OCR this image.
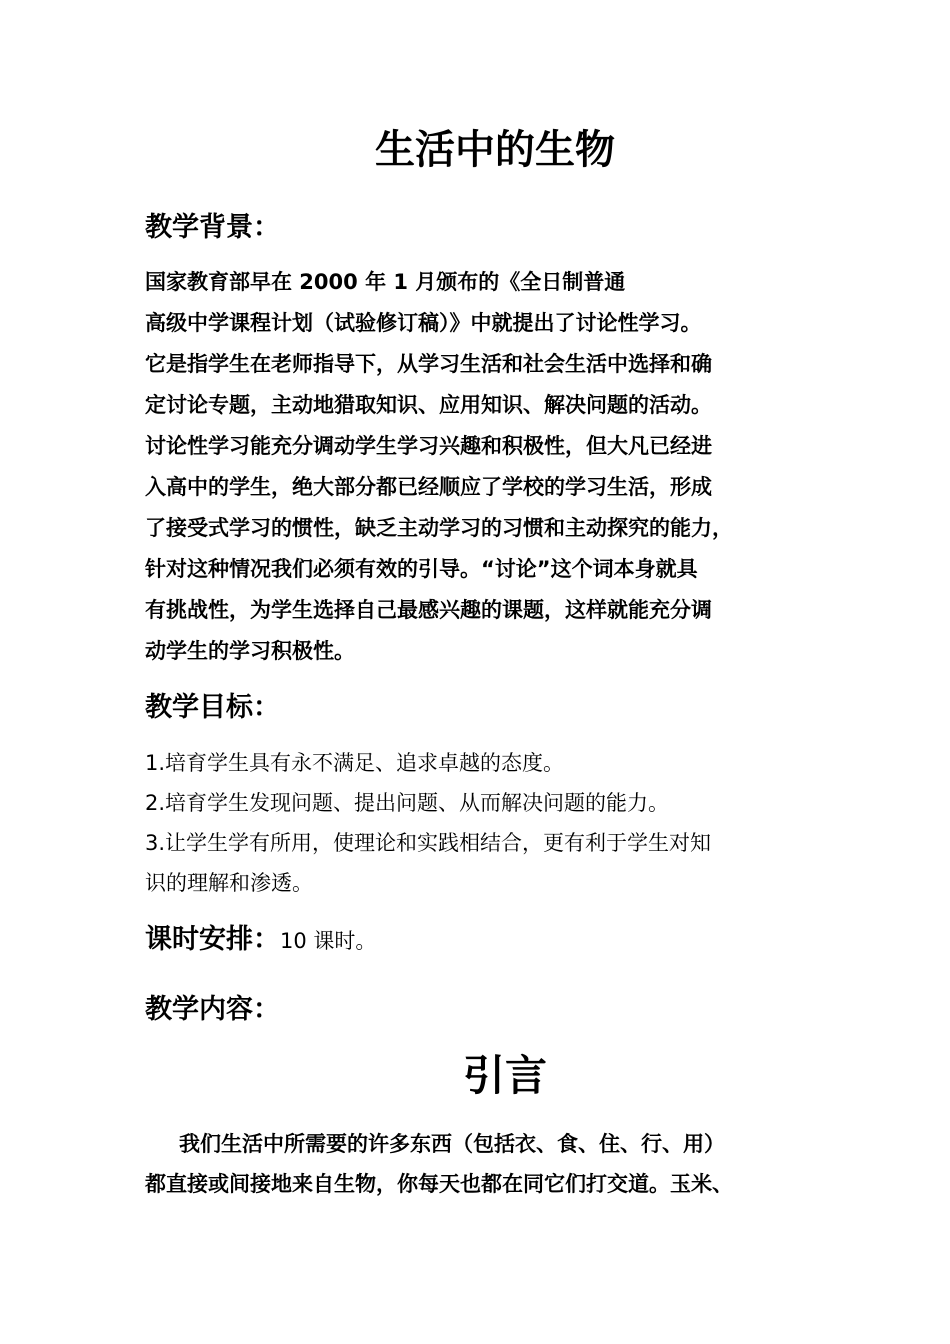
生活中的生物
教学背景：

国家教育部早在 2000 年 1 月颁布的《全日制普通
高级中学课程计划（试验修订稿）》中就提出了讨论性学习。
它是指学生在老师指导下，从学习生活和社会生活中选择和确
定讨论专题，主动地猎取知识、应用知识、解决问题的活动。
讨论性学习能充分调动学生学习兴趣和积极性，但大凡已经进
入高中的学生，绝大部分都已经顺应了学校的学习生活，形成
了接受式学习的惯性，缺乏主动学习的习惯和主动探究的能力，
针对这种情况我们必须有效的引导。“讨论”这个词本身就具
有挑战性，为学生选择自己最感兴趣的课题，这样就能充分调
动学生的学习积极性。

教学目标：
1.培育学生具有永不满足、追求卓越的态度。
2.培育学生发现问题、提出问题、从而解决问题的能力。
3.让学生学有所用，使理论和实践相结合，更有利于学生对知
识的理解和渗透。
课时安排：10 课时。
教学内容：
引言

我们生活中所需要的许多东西（包括衣、食、住、行、用）
都直接或间接地来自生物，你每天也都在同它们打交道。玉米、
